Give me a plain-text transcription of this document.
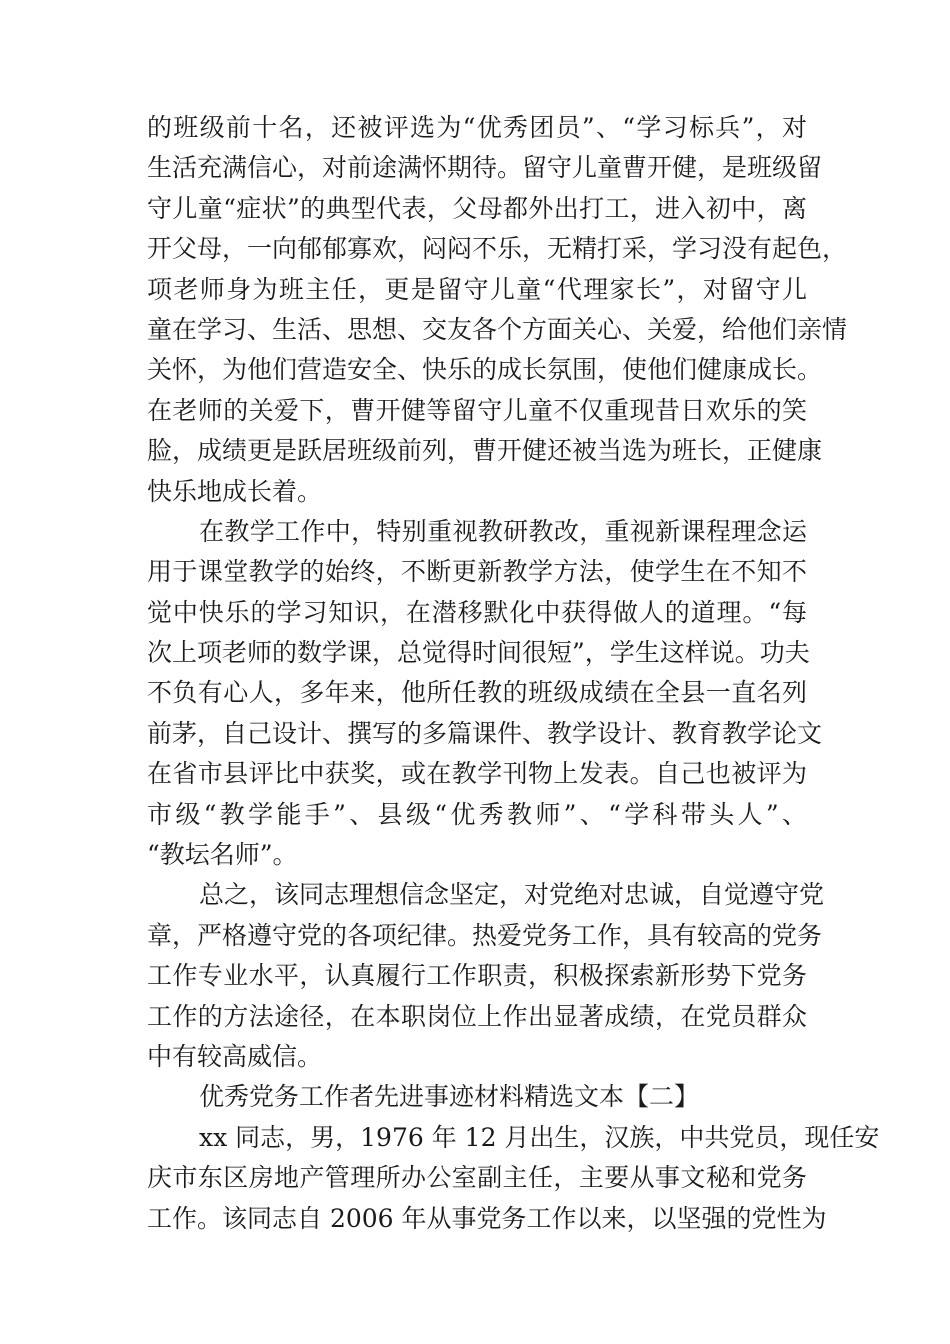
的班级前十名，还被评选为“优秀团员”、“学习标兵”，对
生活充满信心，对前途满怀期待。留守儿童曹开健，是班级留
守儿童“症状”的典型代表，父母都外出打工，进入初中，离
开父母，一向郁郁寡欢，闷闷不乐，无精打采，学习没有起色，
项老师身为班主任，更是留守儿童“代理家长”，对留守儿
童在学习、生活、思想、交友各个方面关心、关爱，给他们亲情
关怀，为他们营造安全、快乐的成长氛围，使他们健康成长。
在老师的关爱下，曹开健等留守儿童不仅重现昔日欢乐的笑
脸，成绩更是跃居班级前列，曹开健还被当选为班长，正健康
快乐地成长着。
在教学工作中，特别重视教研教改，重视新课程理念运
用于课堂教学的始终，不断更新教学方法，使学生在不知不
觉中快乐的学习知识，在潜移默化中获得做人的道理。“每
次上项老师的数学课，总觉得时间很短”，学生这样说。功夫
不负有心人，多年来，他所任教的班级成绩在全县一直名列
前茅，自己设计、撰写的多篇课件、教学设计、教育教学论文
在省市县评比中获奖，或在教学刊物上发表。自己也被评为
市级“教学能手”、县级“优秀教师”、“学科带头人”、
“教坛名师”。
总之，该同志理想信念坚定，对党绝对忠诚，自觉遵守党
章，严格遵守党的各项纪律。热爱党务工作，具有较高的党务
工作专业水平，认真履行工作职责，积极探索新形势下党务
工作的方法途径，在本职岗位上作出显著成绩，在党员群众
中有较高威信。
优秀党务工作者先进事迹材料精选文本【二】
xx 同志，男，1976 年 12 月出生，汉族，中共党员，现任安
庆市东区房地产管理所办公室副主任，主要从事文秘和党务
工作。该同志自 2006 年从事党务工作以来，以坚强的党性为
